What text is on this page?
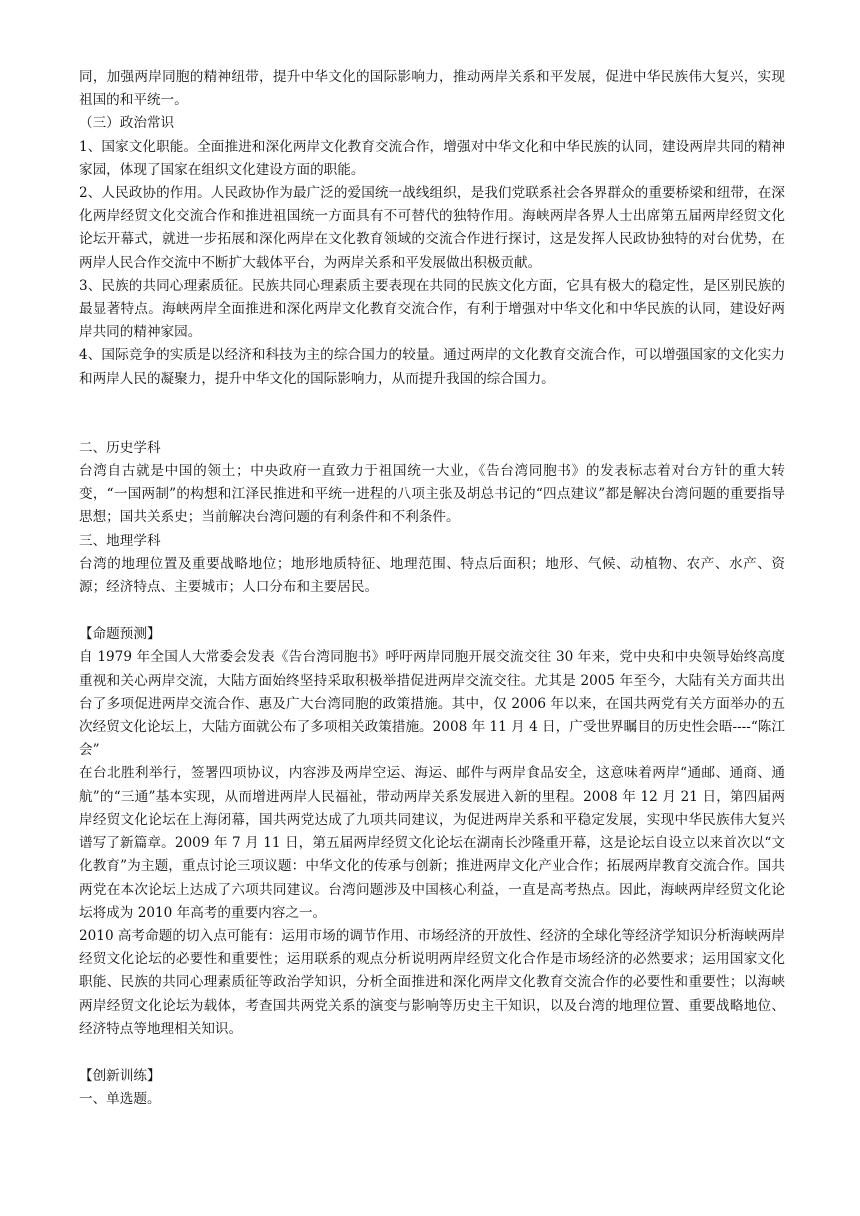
同，加强两岸同胞的精神纽带，提升中华文化的国际影响力，推动两岸关系和平发展，促进中华民族伟大复兴，实现祖国的和平统一。

（三）政治常识

1、国家文化职能。全面推进和深化两岸文化教育交流合作，增强对中华文化和中华民族的认同，建设两岸共同的精神家园，体现了国家在组织文化建设方面的职能。

2、人民政协的作用。人民政协作为最广泛的爱国统一战线组织，是我们党联系社会各界群众的重要桥梁和纽带，在深化两岸经贸文化交流合作和推进祖国统一方面具有不可替代的独特作用。海峡两岸各界人士出席第五届两岸经贸文化论坛开幕式，就进一步拓展和深化两岸在文化教育领域的交流合作进行探讨，这是发挥人民政协独特的对台优势，在两岸人民合作交流中不断扩大载体平台，为两岸关系和平发展做出积极贡献。

3、民族的共同心理素质征。民族共同心理素质主要表现在共同的民族文化方面，它具有极大的稳定性，是区别民族的最显著特点。海峡两岸全面推进和深化两岸文化教育交流合作，有利于增强对中华文化和中华民族的认同，建设好两岸共同的精神家园。

4、国际竞争的实质是以经济和科技为主的综合国力的较量。通过两岸的文化教育交流合作，可以增强国家的文化实力和两岸人民的凝聚力，提升中华文化的国际影响力，从而提升我国的综合国力。

二、历史学科

台湾自古就是中国的领土；中央政府一直致力于祖国统一大业，《告台湾同胞书》的发表标志着对台方针的重大转变，“一国两制”的构想和江泽民推进和平统一进程的八项主张及胡总书记的“四点建议”都是解决台湾问题的重要指导思想；国共关系史；当前解决台湾问题的有利条件和不利条件。

三、地理学科

台湾的地理位置及重要战略地位；地形地质特征、地理范围、特点后面积；地形、气候、动植物、农产、水产、资源；经济特点、主要城市；人口分布和主要居民。

【命题预测】

自 1979 年全国人大常委会发表《告台湾同胞书》呼吁两岸同胞开展交流交往 30 年来，党中央和中央领导始终高度重视和关心两岸交流，大陆方面始终坚持采取积极举措促进两岸交流交往。尤其是 2005 年至今，大陆有关方面共出台了多项促进两岸交流合作、惠及广大台湾同胞的政策措施。其中，仅 2006 年以来，在国共两党有关方面举办的五次经贸文化论坛上，大陆方面就公布了多项相关政策措施。2008 年 11 月 4 日，广受世界瞩目的历史性会晤----“陈江会”

在台北胜利举行，签署四项协议，内容涉及两岸空运、海运、邮件与两岸食品安全，这意味着两岸“通邮、通商、通航”的“三通”基本实现，从而增进两岸人民福祉，带动两岸关系发展进入新的里程。2008 年 12 月 21 日，第四届两岸经贸文化论坛在上海闭幕，国共两党达成了九项共同建议，为促进两岸关系和平稳定发展，实现中华民族伟大复兴谱写了新篇章。2009 年 7 月 11 日，第五届两岸经贸文化论坛在湖南长沙隆重开幕，这是论坛自设立以来首次以“文化教育”为主题，重点讨论三项议题：中华文化的传承与创新；推进两岸文化产业合作；拓展两岸教育交流合作。国共两党在本次论坛上达成了六项共同建议。台湾问题涉及中国核心利益，一直是高考热点。因此，海峡两岸经贸文化论坛将成为 2010 年高考的重要内容之一。

2010 高考命题的切入点可能有：运用市场的调节作用、市场经济的开放性、经济的全球化等经济学知识分析海峡两岸经贸文化论坛的必要性和重要性；运用联系的观点分析说明两岸经贸文化合作是市场经济的必然要求；运用国家文化职能、民族的共同心理素质征等政治学知识，分析全面推进和深化两岸文化教育交流合作的必要性和重要性；以海峡两岸经贸文化论坛为载体，考查国共两党关系的演变与影响等历史主干知识，以及台湾的地理位置、重要战略地位、经济特点等地理相关知识。

【创新训练】

一、单选题。
